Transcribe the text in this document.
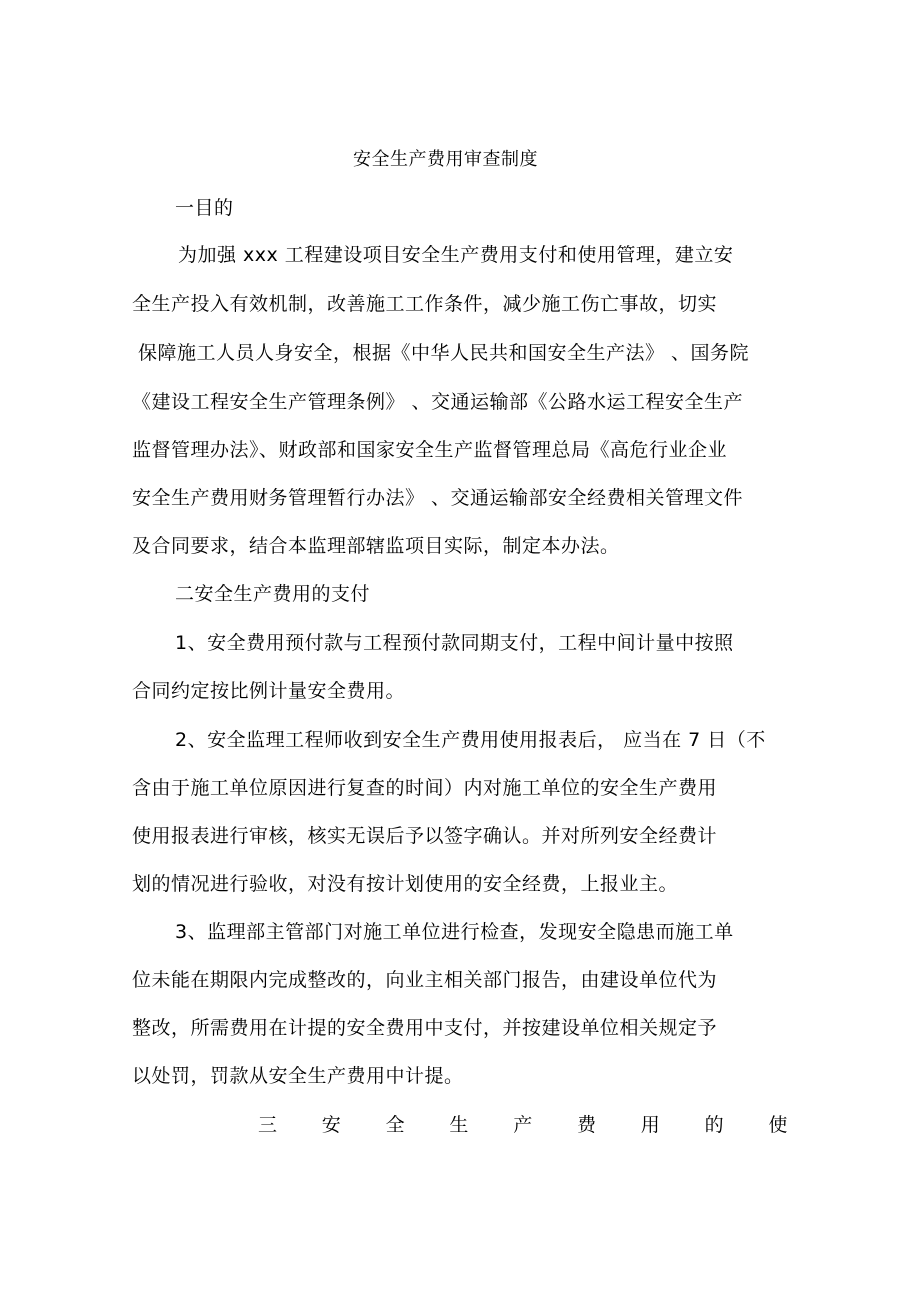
安全生产费用审查制度
一目的
为加强 xxx 工程建设项目安全生产费用支付和使用管理，建立安
全生产投入有效机制，改善施工工作条件，减少施工伤亡事故，切实
保障施工人员人身安全，根据《中华人民共和国安全生产法》 、国务院
《建设工程安全生产管理条例》 、交通运输部《公路水运工程安全生产
监督管理办法》、财政部和国家安全生产监督管理总局《高危行业企业
安全生产费用财务管理暂行办法》 、交通运输部安全经费相关管理文件
及合同要求，结合本监理部辖监项目实际，制定本办法。
二安全生产费用的支付
1、安全费用预付款与工程预付款同期支付，工程中间计量中按照
合同约定按比例计量安全费用。
2、安全监理工程师收到安全生产费用使用报表后， 应当在 7 日（不
含由于施工单位原因进行复查的时间）内对施工单位的安全生产费用
使用报表进行审核，核实无误后予以签字确认。并对所列安全经费计
划的情况进行验收，对没有按计划使用的安全经费，上报业主。
3、监理部主管部门对施工单位进行检查，发现安全隐患而施工单
位未能在期限内完成整改的，向业主相关部门报告，由建设单位代为
整改，所需费用在计提的安全费用中支付，并按建设单位相关规定予
以处罚，罚款从安全生产费用中计提。
三 安 全 生 产 费 用 的 使
